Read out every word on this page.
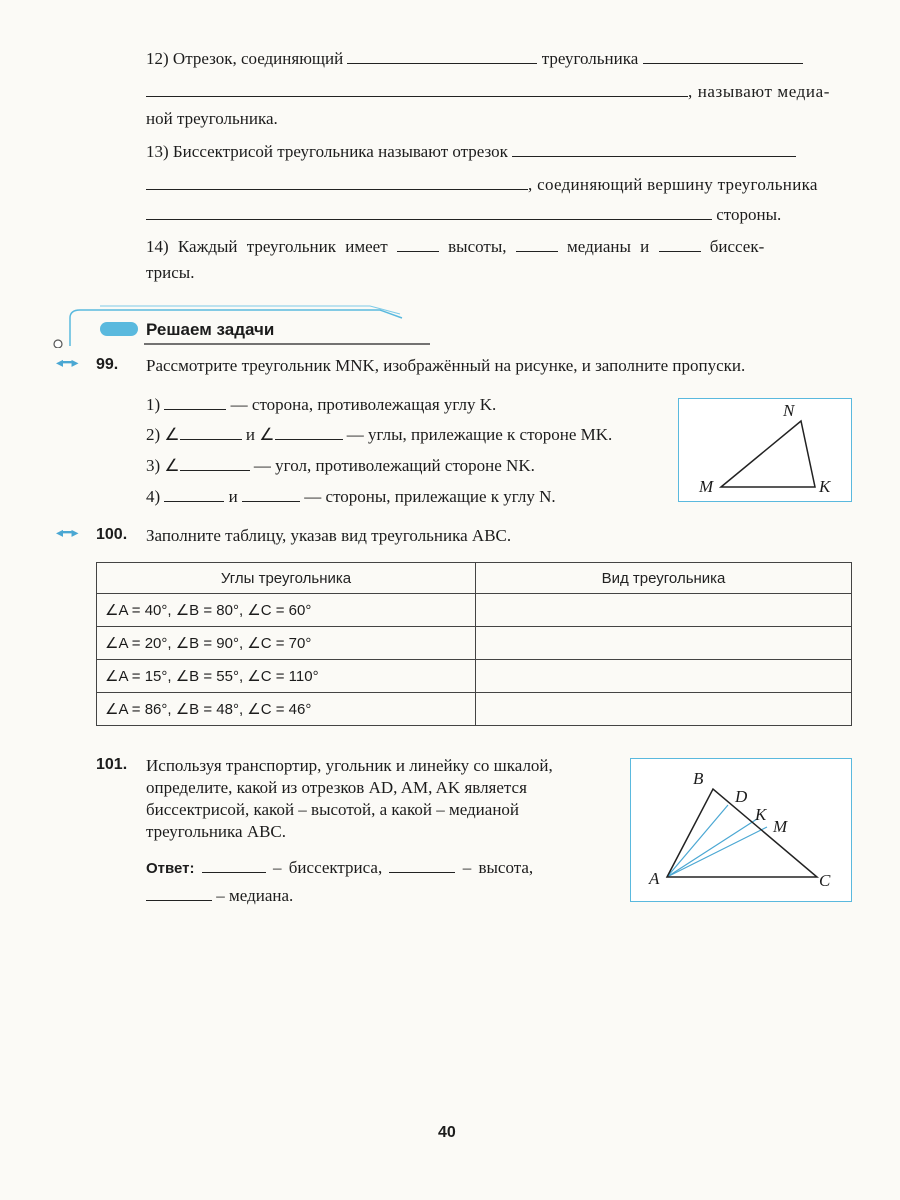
12) Отрезок, соединяющий	треугольника
, называют медиа-
ной треугольника.
13) Биссектрисой треугольника называют отрезок
, соединяющий вершину треугольника
стороны.
14) Каждый треугольник имеет	высоты,	медианы и	биссек-
трисы.
Решаем задачи
◂━▸ 99. Рассмотрите треугольник MNK, изображённый на рисунке, и заполните пропуски.
1)	— сторона, противолежащая углу K.
2) ∠	и ∠	— углы, прилежащие к стороне MK.
3) ∠	— угол, противолежащий стороне NK.
4)	и	— стороны, прилежащие к углу N.
N
M	K
◂━▸ 100. Заполните таблицу, указав вид треугольника ABC.
Углы треугольника	Вид треугольника
∠A = 40°, ∠B = 80°, ∠C = 60°	
∠A = 20°, ∠B = 90°, ∠C = 70°	
∠A = 15°, ∠B = 55°, ∠C = 110°	
∠A = 86°, ∠B = 48°, ∠C = 46°	
101. Используя транспортир, угольник и линейку со шкалой,
определите, какой из отрезков AD, AM, AK является
биссектрисой, какой – высотой, а какой – медианой
треугольника ABC.
Ответ:	– биссектриса,	– высота,
– медиана.
B
D
K
M
A	C
40
